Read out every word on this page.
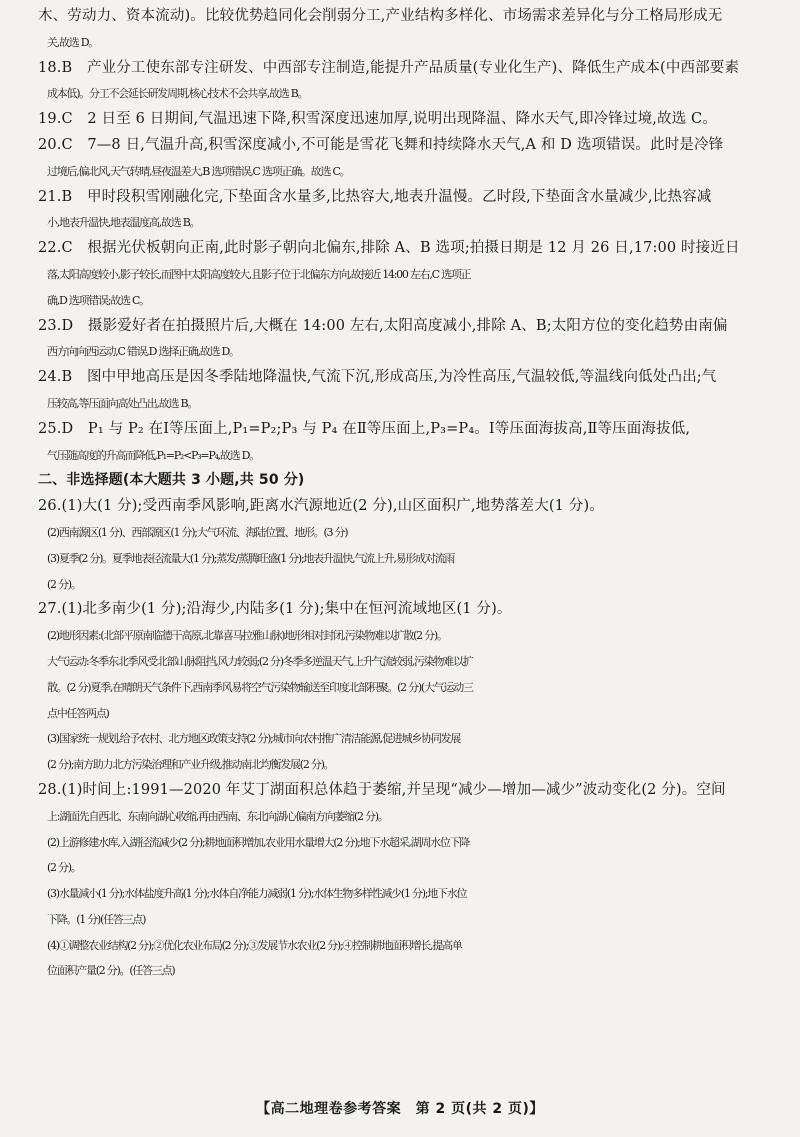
木、劳动力、资本流动)。比较优势趋同化会削弱分工,产业结构多样化、市场需求差异化与分工格局形成无
关,故选 D。
18.B　产业分工使东部专注研发、中西部专注制造,能提升产品质量(专业化生产)、降低生产成本(中西部要素
成本低)。分工不会延长研发周期,核心技术不会共享,故选 B。
19.C　2 日至 6 日期间,气温迅速下降,积雪深度迅速加厚,说明出现降温、降水天气,即冷锋过境,故选 C。
20.C　7—8 日,气温升高,积雪深度减小,不可能是雪花飞舞和持续降水天气,A 和 D 选项错误。此时是冷锋
过境后,偏北风,天气转晴,昼夜温差大,B 选项错误,C 选项正确。故选 C。
21.B　甲时段积雪刚融化完,下垫面含水量多,比热容大,地表升温慢。乙时段,下垫面含水量减少,比热容减
小,地表升温快,地表温度高,故选 B。
22.C　根据光伏板朝向正南,此时影子朝向北偏东,排除 A、B 选项;拍摄日期是 12 月 26 日,17:00 时接近日
落,太阳高度较小,影子较长,而图中太阳高度较大,且影子位于北偏东方向,故接近 14:00 左右,C 选项正
确,D 选项错误;故选 C。
23.D　摄影爱好者在拍摄照片后,大概在 14:00 左右,太阳高度减小,排除 A、B;太阳方位的变化趋势由南偏
西方向向西运动,C 错误,D 选择正确,故选 D。
24.B　图中甲地高压是因冬季陆地降温快,气流下沉,形成高压,为冷性高压,气温较低,等温线向低处凸出;气
压较高,等压面向高处凸出,故选 B。
25.D　P₁ 与 P₂ 在Ⅰ等压面上,P₁=P₂;P₃ 与 P₄ 在Ⅱ等压面上,P₃=P₄。Ⅰ等压面海拔高,Ⅱ等压面海拔低,
气压随高度的升高而降低,P₁=P₂<P₃=P₄,故选 D。
二、非选择题(本大题共 3 小题,共 50 分)
26.(1)大(1 分);受西南季风影响,距离水汽源地近(2 分),山区面积广,地势落差大(1 分)。
(2)西南源区(1 分)、西部源区(1 分);大气环流、海陆位置、地形。(3 分)
(3)夏季(2 分)。夏季地表径流量大(1 分);蒸发/蒸腾旺盛(1 分);地表升温快,气流上升,易形成对流雨
(2 分)。
27.(1)北多南少(1 分);沿海少,内陆多(1 分);集中在恒河流域地区(1 分)。
(2)地形因素:(北部平原南临德干高原,北靠喜马拉雅山脉)地形相对封闭,污染物难以扩散(2 分)。
大气运动:冬季东北季风受北部山脉阻挡,风力较弱;(2 分)冬季多逆温天气,上升气流较弱,污染物难以扩
散。(2 分)夏季,在晴朗天气条件下,西南季风易将空气污染物输送至印度北部积聚。(2 分)(大气运动三
点中任答两点)
(3)国家统一规划,给予农村、北方地区政策支持(2 分);城市向农村推广清洁能源,促进城乡协同发展
(2 分);南方助力北方污染治理和产业升级,推动南北均衡发展(2 分)。
28.(1)时间上:1991—2020 年艾丁湖面积总体趋于萎缩,并呈现“减少—增加—减少”波动变化(2 分)。空间
上:湖面先自西北、东南向湖心收缩,再由西南、东北向湖心偏南方向萎缩(2 分)。
(2)上游修建水库,入湖径流减少(2 分);耕地面积增加,农业用水量增大(2 分);地下水超采,湖周水位下降
(2 分)。
(3)水量减小(1 分);水体盐度升高(1 分);水体自净能力减弱(1 分);水体生物多样性减少(1 分);地下水位
下降。(1 分)(任答三点)
(4)①调整农业结构(2 分);②优化农业布局(2 分);③发展节水农业(2 分);④控制耕地面积增长,提高单
位面积产量(2 分)。(任答三点)
【高二地理卷参考答案　第 2 页(共 2 页)】
